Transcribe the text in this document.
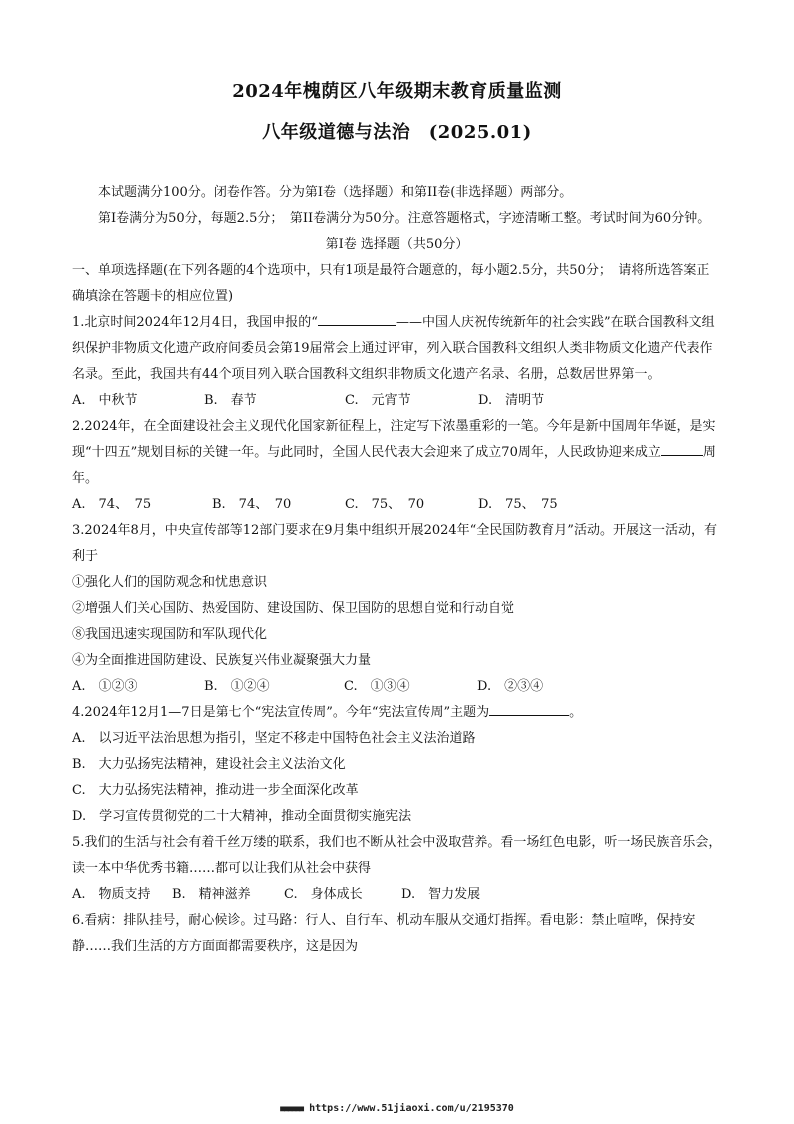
2024年槐荫区八年级期末教育质量监测
八年级道德与法治　(2025.01)

本试题满分100分。闭卷作答。分为第I卷（选择题）和第II卷(非选择题）两部分。

第I卷满分为50分，每题2.5分；　第II卷满分为50分。注意答题格式，字迹清晰工整。考试时间为60分钟。

第I卷 选择题（共50分）

一、单项选择题(在下列各题的4个选项中，只有1项是最符合题意的，每小题2.5分，共50分；　请将所选答案正确填涂在答题卡的相应位置)

1.北京时间2024年12月4日，我国申报的“	——中国人庆祝传统新年的社会实践”在联合国教科文组织保护非物质文化遗产政府间委员会第19届常会上通过评审，列入联合国教科文组织人类非物质文化遗产代表作名录。至此，我国共有44个项目列入联合国教科文组织非物质文化遗产名录、名册，总数居世界第一。

A.　中秋节	B.　春节	C.　元宵节	D.　清明节

2.2024年，在全面建设社会主义现代化国家新征程上，注定写下浓墨重彩的一笔。今年是新中国周年华诞，是实现“十四五”规划目标的关键一年。与此同时，全国人民代表大会迎来了成立70周年，人民政协迎来成立	周年。

A.　74、　75	B.　74、　70	C.　75、　70	D.　75、　75

3.2024年8月，中央宣传部等12部门要求在9月集中组织开展2024年“全民国防教育月”活动。开展这一活动，有利于

①强化人们的国防观念和忧患意识

②增强人们关心国防、热爱国防、建设国防、保卫国防的思想自觉和行动自觉

⑧我国迅速实现国防和军队现代化

④为全面推进国防建设、民族复兴伟业凝聚强大力量

A.　①②③	B.　①②④	C.　①③④	D.　②③④

4.2024年12月1—7日是第七个“宪法宣传周”。今年“宪法宣传周”主题为	。

A.　以习近平法治思想为指引，坚定不移走中国特色社会主义法治道路

B.　大力弘扬宪法精神，建设社会主义法治文化

C.　大力弘扬宪法精神，推动进一步全面深化改革

D.　学习宣传贯彻党的二十大精神，推动全面贯彻实施宪法

5.我们的生活与社会有着千丝万缕的联系，我们也不断从社会中汲取营养。看一场红色电影，听一场民族音乐会，读一本中华优秀书籍……都可以让我们从社会中获得

A.　物质支持	B.　精神滋养	C.　身体成长	D.　智力发展

6.看病：排队挂号，耐心候诊。过马路：行人、自行车、机动车服从交通灯指挥。看电影：禁止喧哗，保持安静……我们生活的方方面面都需要秩序，这是因为

■■■■■■ https://www.51jiaoxi.com/u/2195370
